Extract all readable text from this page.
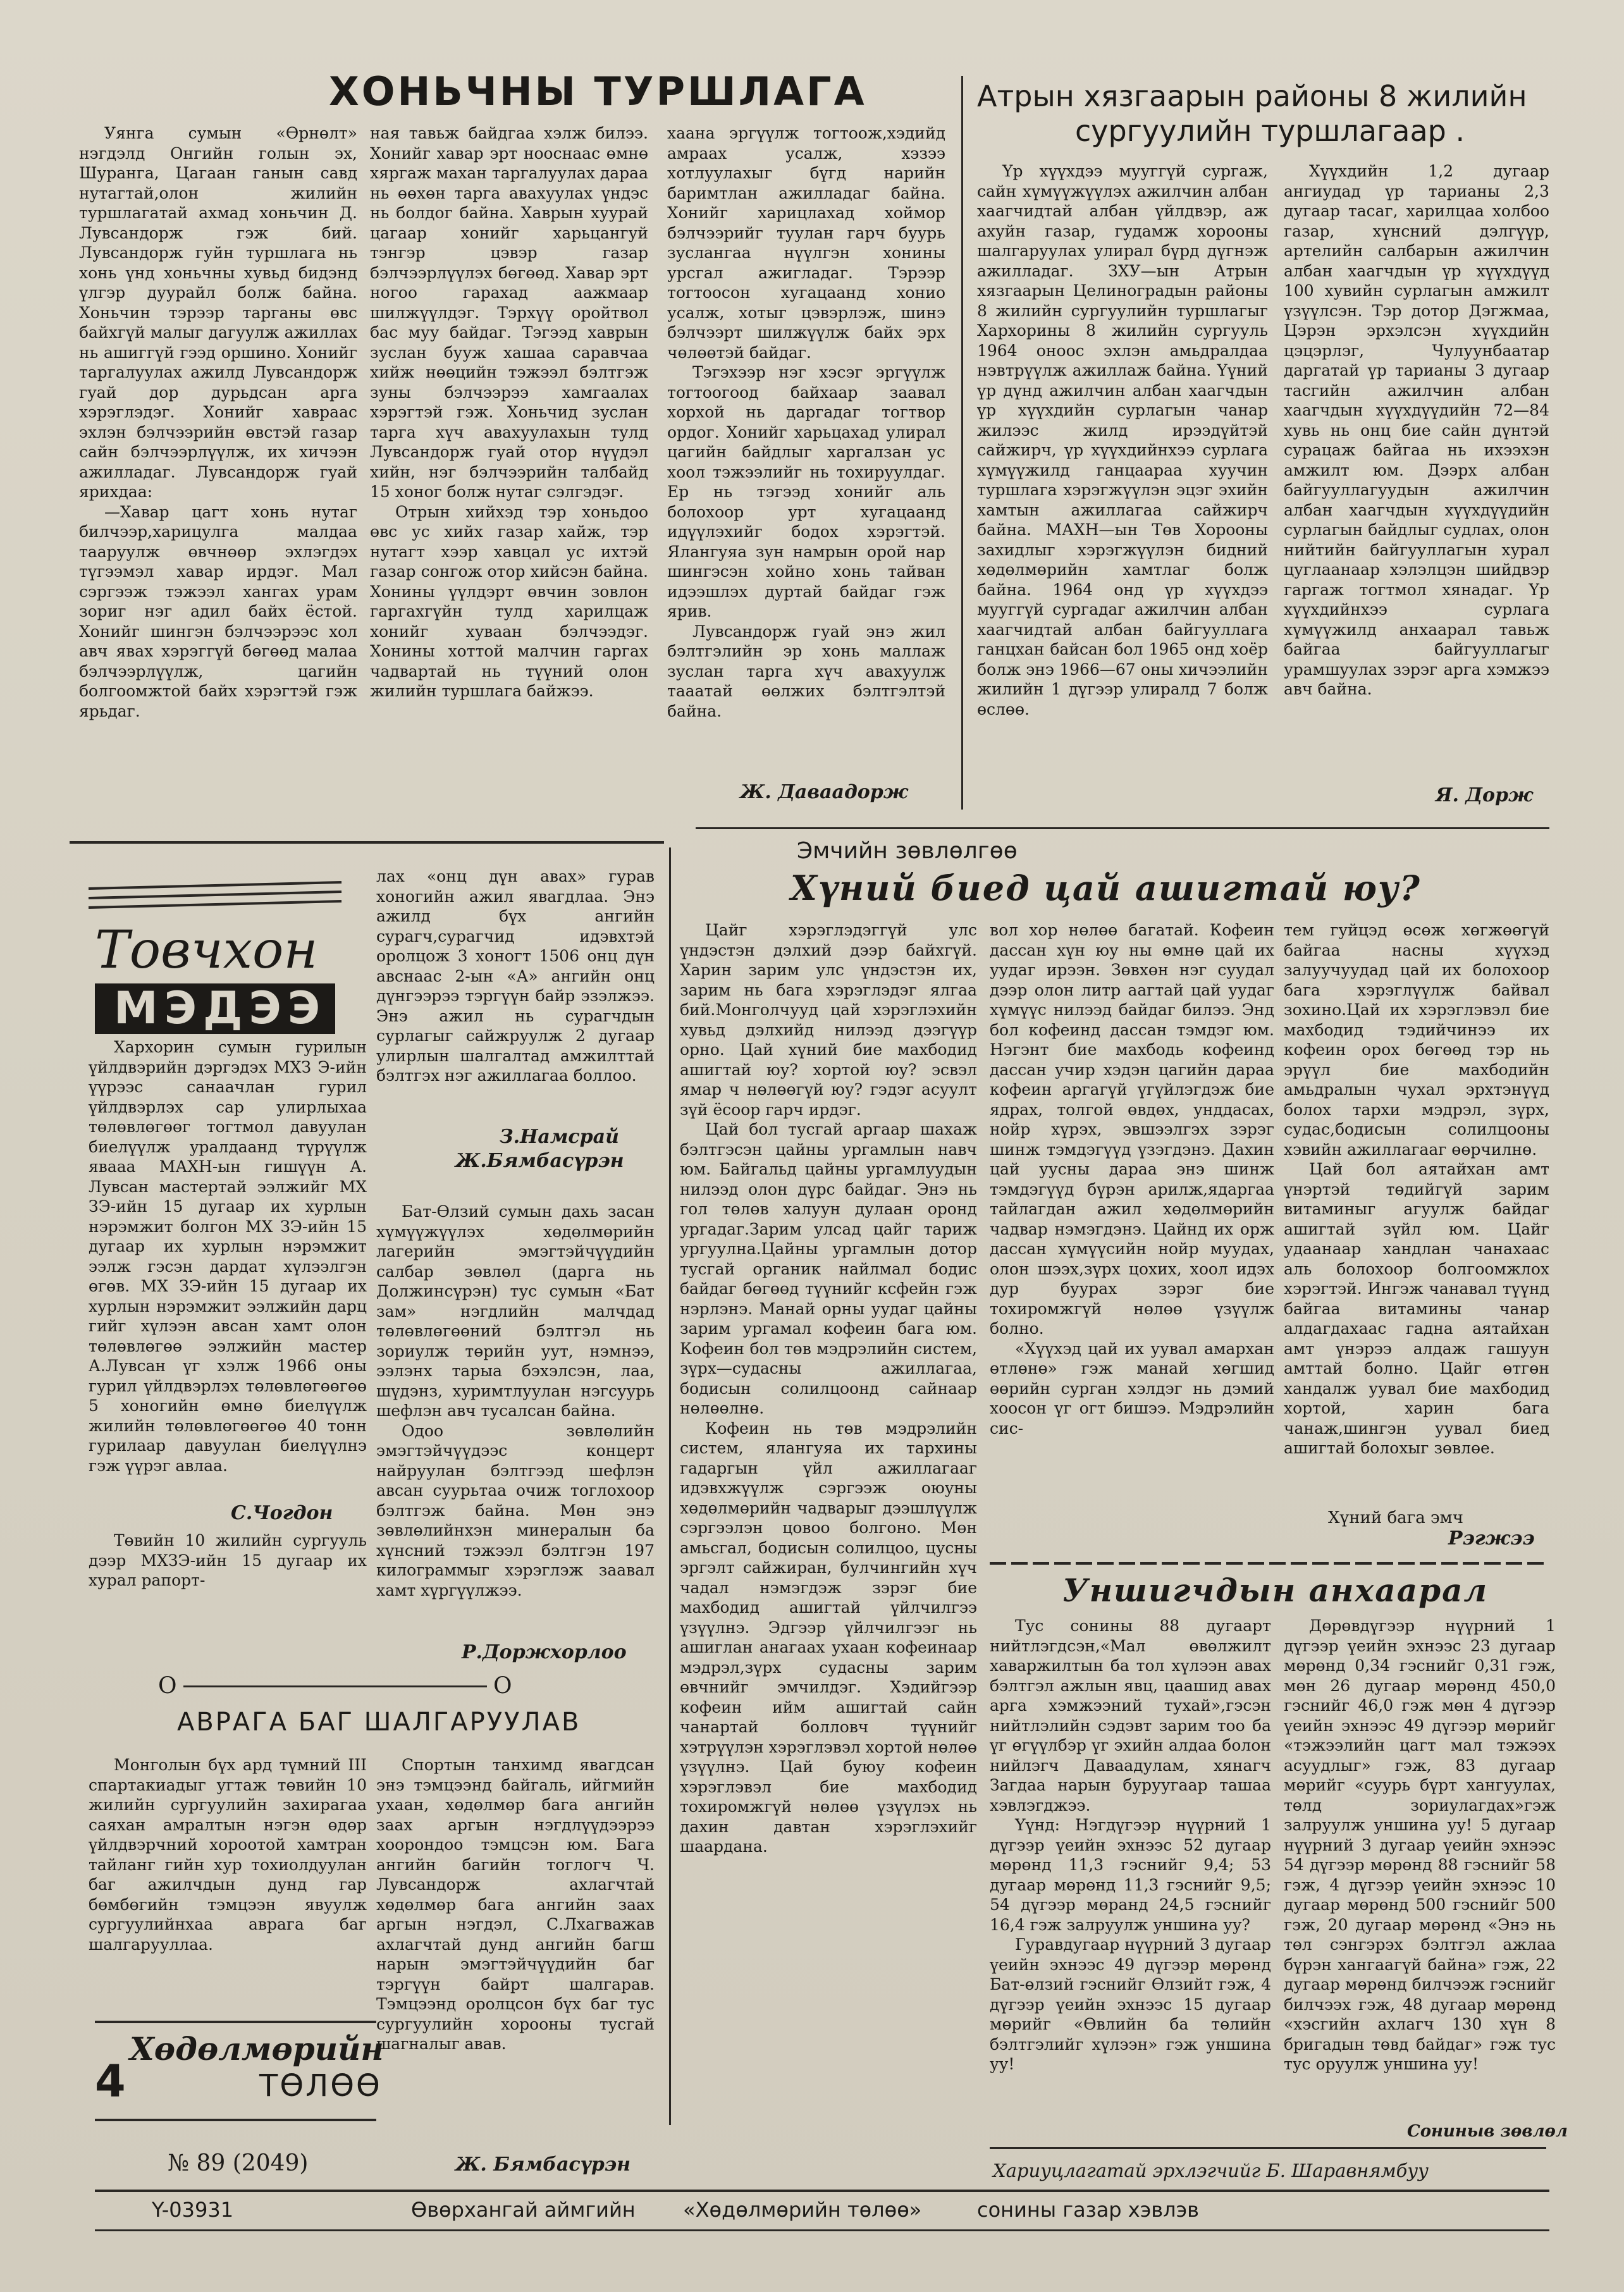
ХОНЬЧНЫ ТУРШЛАГА	Атрын хязгаарын районы 8 жилийн
сургуулийн туршлагаар .

Уянга сумын «Өрнөлт» нэгдэлд Онгийн голын эх, Шуранга, Цагаан ганын савд нутагтай,олон жилийн туршлагатай ахмад хоньчин Д. Лувсандорж гэж бий. Лувсандорж гуйн туршлага нь хонь үнд хоньчны хувьд бидэнд үлгэр дуурайл болж байна. Хоньчин тэрээр тарганы өвс байхгүй малыг дагуулж ажиллах нь ашиггүй гээд оршино. Хонийг таргалуулах ажилд Лувсандорж гуай дор дурьдсан арга хэрэглэдэг. Хонийг хавраас эхлэн бэлчээрийн өвстэй газар сайн бэлчээрлүүлж, их хичээн ажилладаг. Лувсандорж гуай ярихдаа:

—Хавар цагт хонь нутаг билчээр,харицулга малдаа тааруулж өвчнөөр эхлэгдэх түгээмэл хавар ирдэг. Мал сэргээж тэжээл хангах урам зориг нэг адил байх ёстой. Хонийг шингэн бэлчээрээс хол авч явах хэрэггүй бөгөөд малаа бэлчээрлүүлж, цагийн болгоомжтой байх хэрэгтэй гэж ярьдаг.

ная тавьж байдгаа хэлж билээ. Хонийг хавар эрт нооснаас өмнө хяргаж махан таргалуулах дараа нь өөхөн тарга авахуулах үндэс нь болдог байна. Хаврын хуурай цагаар хонийг харьцангуй тэнгэр цэвэр газар бэлчээрлүүлэх бөгөөд. Хавар эрт ногоо гарахад аажмаар шилжүүлдэг. Тэрхүү оройтвол бас муу байдаг. Тэгээд хаврын зуслан бууж хашаа саравчаа хийж нөөцийн тэжээл бэлтгэж зуны бэлчээрээ хамгаалах хэрэгтэй гэж. Хоньчид зуслан тарга хүч авахуулахын тулд Лувсандорж гуай отор нүүдэл хийн, нэг бэлчээрийн талбайд 15 хоног болж нутаг сэлгэдэг.

Отрын хийхэд тэр хоньдоо өвс ус хийх газар хайж, тэр нутагт хээр хавцал ус ихтэй газар сонгож отор хийсэн байна. Хонины үүлдэрт өвчин зовлон гаргахгүйн тулд харилцаж хонийг хуваан бэлчээдэг. Хонины хоттой малчин гаргах чадвартай нь түүний олон жилийн туршлага байжээ.

хаана эргүүлж тогтоож,хэдийд амраах усалж, хэзээ хотлуулахыг бүгд нарийн баримтлан ажилладаг байна. Хонийг харицлахад хоймор бэлчээрийг туулан гарч буурь зуслангаа нүүлгэн хонины урсгал ажигладаг. Тэрээр тогтоосон хугацаанд хонио усалж, хотыг цэвэрлэж, шинэ бэлчээрт шилжүүлж байх эрх чөлөөтэй байдаг.

Тэгэхээр нэг хэсэг эргүүлж тогтоогоод байхаар заавал хорхой нь даргадаг тогтвор ордог. Хонийг харьцахад улирал цагийн байдлыг харгалзан ус хоол тэжээлийг нь тохируулдаг. Ер нь тэгээд хонийг аль болохоор урт хугацаанд идүүлэхийг бодох хэрэгтэй. Ялангуяа зун намрын орой нар шингэсэн хойно хонь тайван идээшлэх дуртай байдаг гэж ярив.

Лувсандорж гуай энэ жил бэлтгэлийн эр хонь маллаж зуслан тарга хүч авахуулж тааатай өөлжих бэлтгэлтэй байна.

Ж. Даваадорж

Үр хүүхдээ мууггүй сургаж, сайн хүмүүжүүлэх ажилчин албан хаагчидтай албан үйлдвэр, аж ахуйн газар, гудамж хорооны шалгаруулах улирал бүрд дүгнэж ажилладаг. ЗХУ—ын Атрын хязгаарын Целиноградын районы 8 жилийн сургуулийн туршлагыг Хархорины 8 жилийн сургууль 1964 оноос эхлэн амьдралдаа нэвтрүүлж ажиллаж байна. Үүний үр дүнд ажилчин албан хаагчдын үр хүүхдийн сурлагын чанар жилээс жилд ирээдүйтэй сайжирч, үр хүүхдийнхээ сурлага хүмүүжилд ганцаараа хуучин туршлага хэрэгжүүлэн эцэг эхийн хамтын ажиллагаа сайжирч байна. МАХН—ын Төв Хорооны захидлыг хэрэгжүүлэн бидний хөдөлмөрийн хамтлаг болж байна. 1964 онд үр хүүхдээ мууггүй сургадаг ажилчин албан хаагчидтай албан байгууллага ганцхан байсан бол 1965 онд хоёр болж энэ 1966—67 оны хичээлийн жилийн 1 дүгээр улиралд 7 болж өслөө.

Хүүхдийн 1,2 дугаар ангиудад үр тарианы 2,3 дугаар тасаг, харилцаа холбоо газар, хүнсний дэлгүүр, артелийн салбарын ажилчин албан хаагчдын үр хүүхдүүд 100 хувийн сурлагын амжилт үзүүлсэн. Тэр дотор Дэгжмаа, Цэрэн эрхэлсэн хүүхдийн цэцэрлэг, Чулуунбаатар даргатай үр тарианы 3 дугаар тасгийн ажилчин албан хаагчдын хүүхдүүдийн 72—84 хувь нь онц бие сайн дүнтэй сурацаж байгаа нь ихээхэн амжилт юм. Дээрх албан байгууллагуудын ажилчин албан хаагчдын хүүхдүүдийн сурлагын байдлыг судлах, олон нийтийн байгууллагын хурал цуглаанаар хэлэлцэн шийдвэр гаргаж тогтмол хянадаг. Үр хүүхдийнхээ сурлага хүмүүжилд анхаарал тавьж байгаа байгууллагыг урамшуулах зэрэг арга хэмжээ авч байна.

Я. Дорж
Эмчийн зөвлөлгөө
Хүний биед цай ашигтай юу?

Цайг хэрэглэдэггүй улс үндэстэн дэлхий дээр байхгүй. Харин зарим улс үндэстэн их, зарим нь бага хэрэглэдэг ялгаа бий.Монголчууд цай хэрэглэхийн хувьд дэлхийд нилээд дээгүүр орно. Цай хүний бие махбодид ашигтай юу? хортой юу? эсвэл ямар ч нөлөөгүй юу? гэдэг асуулт зүй ёсоор гарч ирдэг.

Цай бол тусгай аргаар шахаж бэлтгэсэн цайны ургамлын навч юм. Байгальд цайны ургамлуудын нилээд олон дүрс байдаг. Энэ нь гол төлөв халуун дулаан оронд ургадаг.Зарим улсад цайг тариж ургуулна.Цайны ургамлын дотор тусгай органик найлмал бодис байдаг бөгөөд түүнийг ксфейн гэж нэрлэнэ. Манай орны уудаг цайны зарим ургамал кофеин бага юм. Кофеин бол төв мэдрэлийн систем, зүрх—судасны ажиллагаа, бодисын солилцоонд сайнаар нөлөөлнө.

Кофеин нь төв мэдрэлийн систем, ялангуяа их тархины гадаргын үйл ажиллагааг идэвхжүүлж сэргээж оюуны хөдөлмөрийн чадварыг дээшлүүлж сэргээлэн цовоо болгоно. Мөн амьсгал, бодисын солилцоо, цусны эргэлт сайжиран, булчингийн хүч чадал нэмэгдэж зэрэг бие махбодид ашигтай үйлчилгээ үзүүлнэ. Эдгээр үйлчилгээг нь ашиглан анагаах ухаан кофеинаар мэдрэл,зүрх судасны зарим өвчнийг эмчилдэг. Хэдийгээр кофеин ийм ашигтай сайн чанартай болловч түүнийг хэтрүүлэн хэрэглэвэл хортой нөлөө үзүүлнэ. Цай буюу кофеин хэрэглэвэл бие махбодид тохиромжгүй нөлөө үзүүлэх нь дахин давтан хэрэглэхийг шаардана.

вол хор нөлөө багатай. Кофеин дассан хүн юу ны өмнө цай их уудаг ирээн. Зөвхөн нэг суудал дээр олон литр аагтай цай уудаг хүмүүс нилээд байдаг билээ. Энд бол кофеинд дассан тэмдэг юм. Нэгэнт бие махбодь кофеинд дассан учир хэдэн цагийн дараа кофеин аргагүй үгүйлэгдэж бие ядрах, толгой өвдөх, унддасах, нойр хүрэх, эвшээлгэх зэрэг шинж тэмдэгүүд үзэгдэнэ. Дахин цай уусны дараа энэ шинж тэмдэгүүд бүрэн арилж,ядаргаа тайлагдан ажил хөдөлмөрийн чадвар нэмэгдэнэ. Цайнд их орж дассан хүмүүсийн нойр муудах, олон шээх,зүрх цохих, хоол идэх дур буурах зэрэг бие тохиромжгүй нөлөө үзүүлж болно.

«Хүүхэд цай их уувал амархан өтлөнө» гэж манай хөгшид өөрийн сурган хэлдэг нь дэмий хоосон үг огт бишээ. Мэдрэлийн сис-

тем гуйцэд өсөж хөгжөөгүй байгаа насны хүүхэд залуучуудад цай их болохоор бага хэрэглүүлж байвал зохино.Цай их хэрэглэвэл бие махбодид тэдийчинээ их кофеин орох бөгөөд тэр нь эрүүл бие махбодийн амьдралын чухал эрхтэнүүд болох тархи мэдрэл, зүрх, судас,бодисын солилцооны хэвийн ажиллагааг өөрчилнө.

Цай бол аятайхан амт үнэртэй төдийгүй зарим витаминыг агуулж байдаг ашигтай зүйл юм. Цайг удаанаар хандлан чанахаас аль болохоор болгоомжлох хэрэгтэй. Ингэж чанавал түүнд байгаа витамины чанар алдагдахаас гадна аятайхан амт үнэрээ алдаж гашуун амттай болно. Цайг өтгөн хандалж уувал бие махбодид хортой, харин бага чанаж,шингэн уувал биед ашигтай болохыг зөвлөе.

Хүний бага эмч
Рэгжээ
Уншигчдын анхаарал

Тус сонины 88 дугаарт нийтлэгдсэн,«Мал өвөлжилт хаваржилтын ба тол хүлээн авах бэлтгэл ажлын явц, цаашид авах арга хэмжээний тухай»,гэсэн нийтлэлийн сэдэвт зарим тоо ба үг өгүүлбэр үг эхийн алдаа болон нийлэгч Даваадулам, хянагч Загдаа нарын буруугаар ташаа хэвлэгджээ.

Үүнд: Нэгдүгээр нүүрний 1 дүгээр үеийн эхнээс 52 дугаар мөрөнд 11,3 гэснийг 9,4; 53 дугаар мөрөнд 11,3 гэснийг 9,5; 54 дүгээр мөранд 24,5 гэснийг 16,4 гэж залруулж уншина уу?

Гуравдугаар нүүрний 3 дугаар үеийн эхнээс 49 дүгээр мөрөнд Бат-өлзий гэснийг Өлзийт гэж, 4 дүгээр үеийн эхнээс 15 дугаар мөрийг «Өвлийн ба төлийн бэлтгэлийг хүлээн» гэж уншина уу!

Дөрөвдүгээр нүүрний 1 дүгээр үеийн эхнээс 23 дугаар мөрөнд 0,34 гэснийг 0,31 гэж, мөн 26 дугаар мөрөнд 450,0 гэснийг 46,0 гэж мөн 4 дүгээр үеийн эхнээс 49 дүгээр мөрийг «тэжээлийн цагт мал тэжээх асуудлыг» гэж, 83 дугаар мөрийг «суурь бүрт хангуулах, төлд зориулагдах»гэж залруулж уншина уу! 5 дугаар нүүрний 3 дугаар үеийн эхнээс 54 дүгээр мөрөнд 88 гэснийг 58 гэж, 4 дүгээр үеийн эхнээс 10 дугаар мөрөнд 500 гэснийг 500 гэж, 20 дугаар мөрөнд «Энэ нь төл сэнгэрэх бэлтгэл ажлаа бүрэн хангаагүй байна» гэж, 22 дугаар мөрөнд билчээж гэснийг билчээх гэж, 48 дугаар мөрөнд «хэсгийн ахлагч 130 хүн 8 бригадын төвд байдаг» гэж тус тус оруулж уншина уу!

Сониныв зөвлөл
Товчхон
МЭДЭЭ

Хархорин сумын гурилын үйлдвэрийн дэргэдэх МХЗ Э-ийн үүрээс санаачлан гурил үйлдвэрлэх сар улирлыхаа төлөвлөгөөг тогтмол давуулан биелүүлж уралдаанд түрүүлж явааа МАХН-ын гишүүн А. Лувсан мастертай ээлжийг МХ ЗЭ-ийн 15 дугаар их хурлын нэрэмжит болгон МХ ЗЭ-ийн 15 дугаар их хурлын нэрэмжит ээлж гэсэн дардат хүлээлгэн өгөв. МХ ЗЭ-ийн 15 дугаар их хурлын нэрэмжит ээлжийн дарц гийг хүлээн авсан хамт олон төлөвлөгөө ээлжийн мастер А.Лувсан үг хэлж 1966 оны гурил үйлдвэрлэх төлөвлөгөөгөө 5 хоногийн өмнө биелүүлж жилийн төлөвлөгөөгөө 40 тонн гурилаар давуулан биелүүлнэ гэж үүрэг авлаа.

С.Чогдон

Төвийн 10 жилийн сургууль дээр МХЗЭ-ийн 15 дугаар их хурал рапорт-

лах «онц дүн авах» гурав хоногийн ажил явагдлаа. Энэ ажилд бүх ангийн сурагч,сурагчид идэвхтэй оролцож 3 хоногт 1506 онц дүн авснаас 2-ын «А» ангийн онц дүнгээрээ тэргүүн байр эзэлжээ. Энэ ажил нь сурагчдын сурлагыг сайжруулж 2 дугаар улирлын шалгалтад амжилттай бэлтгэх нэг ажиллагаа боллоо.

З.Намсрай
Ж.Бямбасүрэн

Бат-Өлзий сумын дахь засан хүмүүжүүлэх хөдөлмөрийн лагерийн эмэгтэйчүүдийн салбар зөвлөл (дарга нь Должинсүрэн) тус сумын «Бат зам» нэгдлийн малчдад төлөвлөгөөний бэлтгэл нь зориулж төрийн уут, нэмнээ, ээлэнх тарыа бэхэлсэн, лаа, шүдэнз, хуримтлуулан нэгсуурь шефлэн авч тусалсан байна.

Одоо зөвлөлийн эмэгтэйчүүдээс концерт найруулан бэлтгээд шефлэн авсан суурьтаа очиж тоглохоор бэлтгэж байна. Мөн энэ зөвлөлийнхэн минералын ба хүнсний тэжээл бэлтгэн 197 килограммыг хэрэглэж заавал хамт хүргүүлжээ.

Р.Доржхорлоо
О	О
АВРАГА БАГ ШАЛГАРУУЛАВ

Монголын бүх ард түмний III спартакиадыг угтаж төвийн 10 жилийн сургуулийн захирагаа саяхан амралтын нэгэн өдөр үйлдвэрчний хороотой хамтран тайланг гийн хур тохиолдуулан баг ажилчдын дунд гар бөмбөгийн тэмцээн явуулж сургуулийнхаа аврага баг шалгарууллаа.

Спортын танхимд явагдсан энэ тэмцээнд байгаль, ийгмийн ухаан, хөдөлмөр бага ангийн заах аргын нэгдлүүдээрээ хоорондоо тэмцсэн юм. Бага ангийн багийн тоглогч Ч. Лувсандорж ахлагчтай хөдөлмөр бага ангийн заах аргын нэгдэл, С.Лхагважав ахлагчтай дунд ангийн багш нарын эмэгтэйчүүдийн баг тэргүүн байрт шалгарав. Тэмцээнд оролцсон бүх баг тус сургуулийн хорооны тусгай шагналыг авав.

Ж. Бямбасүрэн
4
Хөдөлмөрийн
ТӨЛӨӨ
№ 89 (2049)	Хариуцлагатай эрхлэгчийг Б. Шаравнямбуу
Y-03931	Өвөрхангай аймгийн «Хөдөлмөрийн төлөө»	сонины газар хэвлэв
